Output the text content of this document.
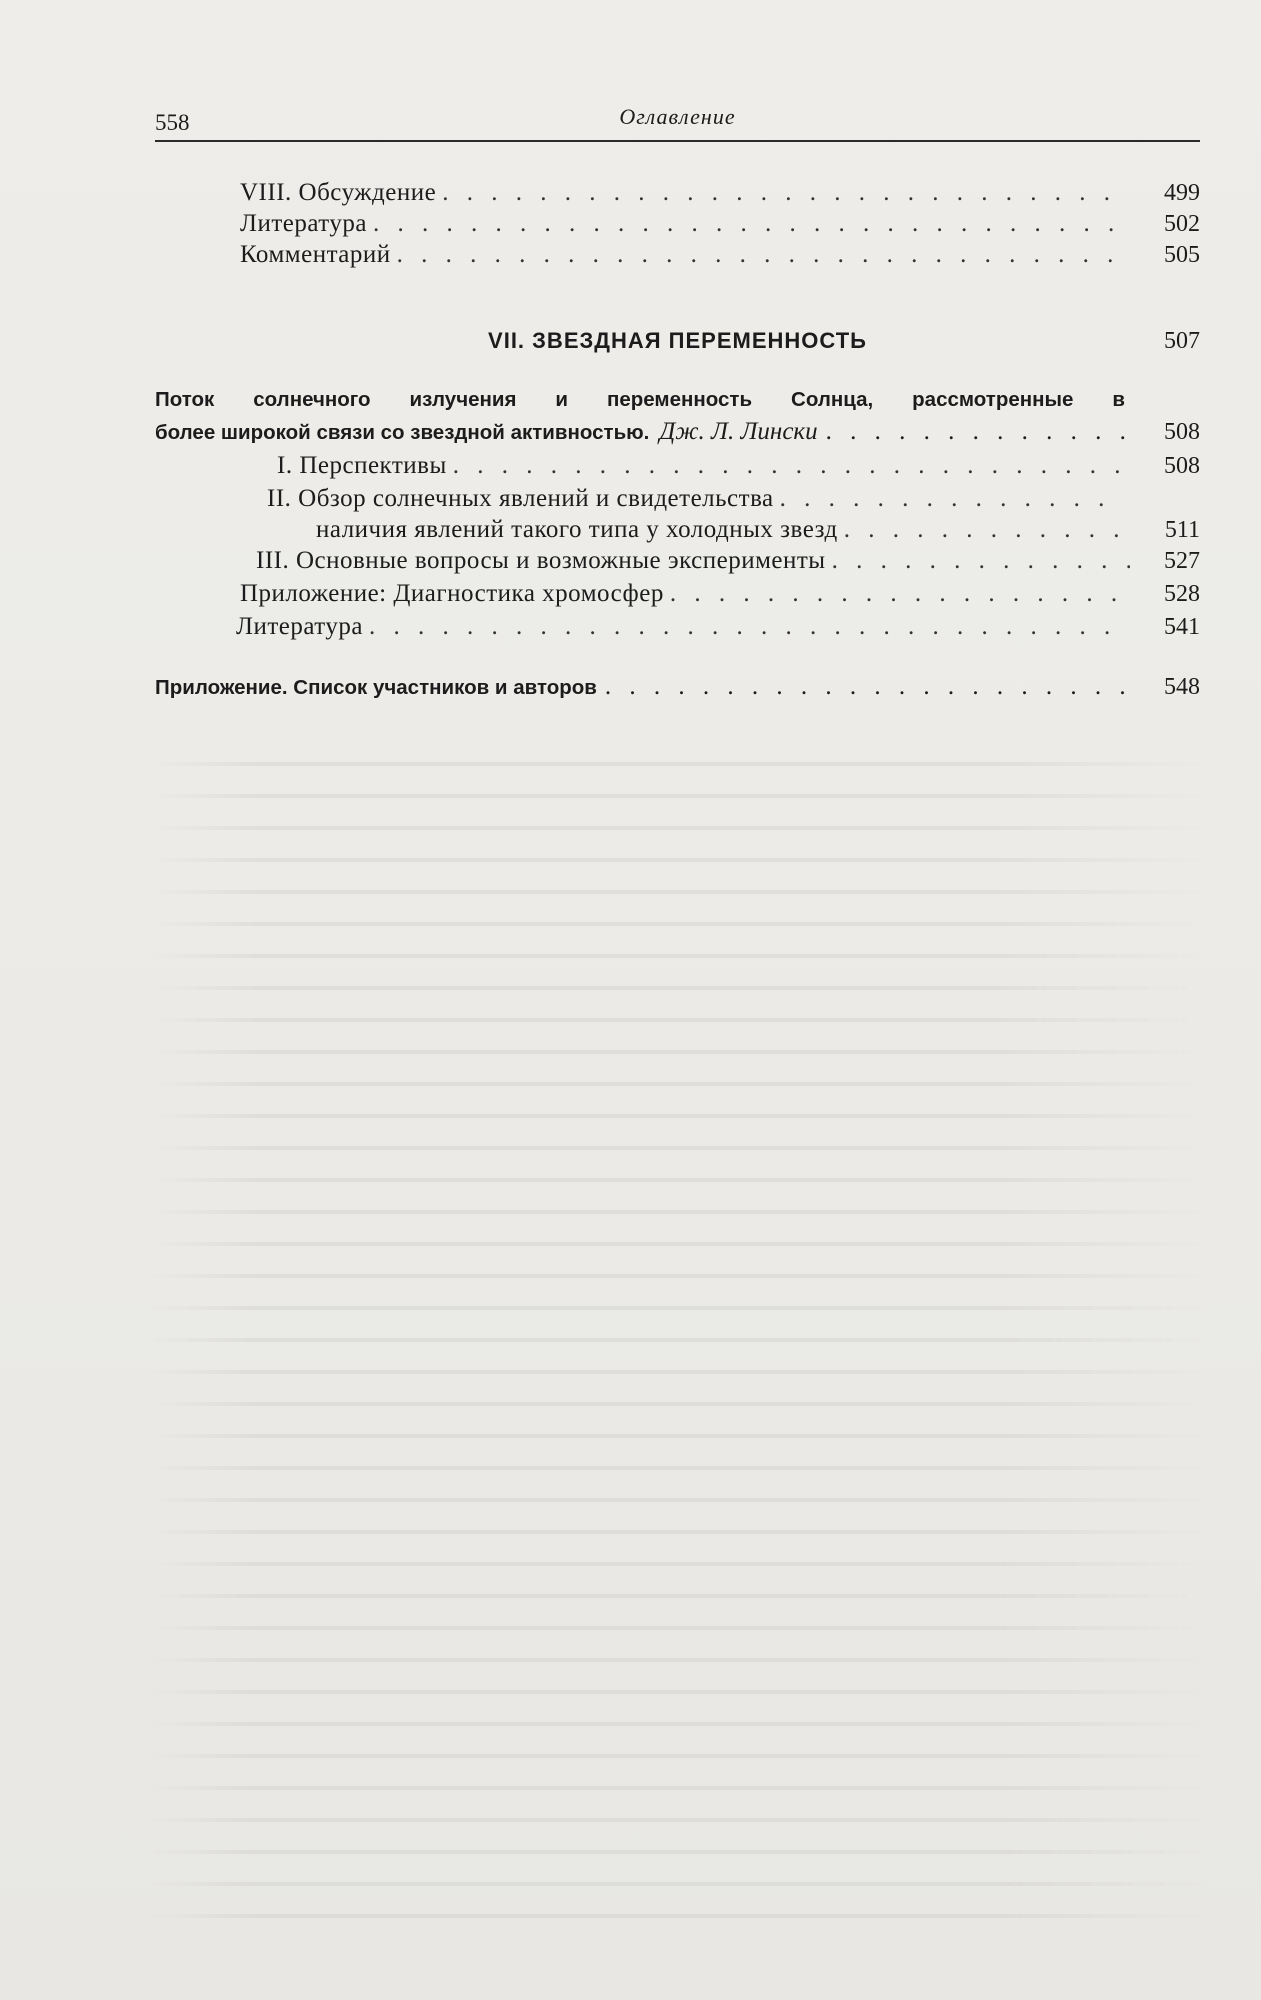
558	Оглавление
VIII. Обсуждение . . .	499
Литература . . .	502
Комментарий . . .	505
VII. ЗВЕЗДНАЯ ПЕРЕМЕННОСТЬ	507
Поток солнечного излучения и переменность Солнца, рассмотренные в
более широкой связи со звездной активностью. Дж. Л. Лински . . .	508
I. Перспективы . . .	508
II. Обзор солнечных явлений и свидетельства
. . .
наличия явлений такого типа у холодных звезд . . .	511
III. Основные вопросы и возможные эксперименты . . .	527
Приложение: Диагностика хромосфер . . .	528
Литература . . .	541
Приложение. Список участников и авторов . . .	548
